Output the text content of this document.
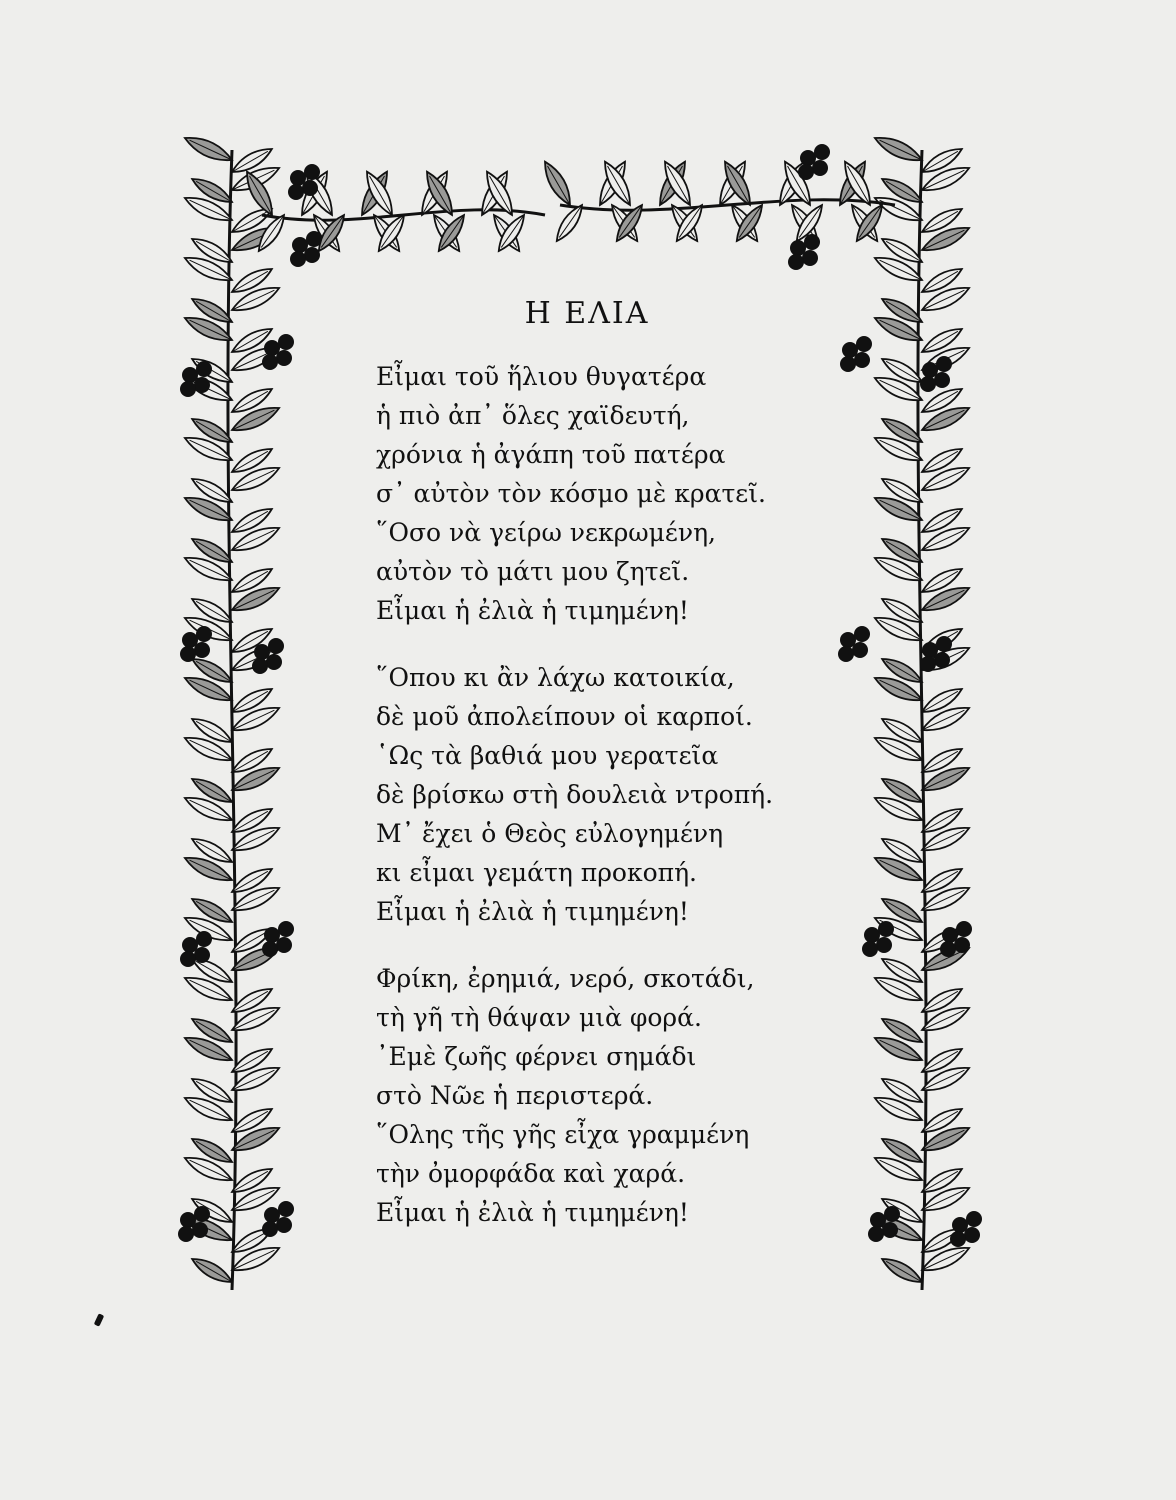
Η ΕΛΙΑ
Εἶμαι τοῦ ἥλιου θυγατέρα
ἡ πιὸ ἀπ᾽ ὅλες χαϊδευτή,
χρόνια ἡ ἀγάπη τοῦ πατέρα
σ᾽ αὐτὸν τὸν κόσμο μὲ κρατεῖ.
῞Οσο νὰ γείρω νεκρωμένη,
αὐτὸν τὸ μάτι μου ζητεῖ.
Εἶμαι ἡ ἐλιὰ ἡ τιμημένη!
῞Οπου κι ἂν λάχω κατοικία,
δὲ μοῦ ἀπολείπουν οἱ καρποί.
῾Ως τὰ βαθιά μου γερατεῖα
δὲ βρίσκω στὴ δουλειὰ ντροπή.
Μ᾽ ἔχει ὁ Θεὸς εὐλογημένη
κι εἶμαι γεμάτη προκοπή.
Εἶμαι ἡ ἐλιὰ ἡ τιμημένη!
Φρίκη, ἐρημιά, νερό, σκοτάδι,
τὴ γῆ τὴ θάψαν μιὰ φορά.
᾽Εμὲ ζωῆς φέρνει σημάδι
στὸ Νῶε ἡ περιστερά.
῞Ολης τῆς γῆς εἶχα γραμμένη
τὴν ὀμορφάδα καὶ χαρά.
Εἶμαι ἡ ἐλιὰ ἡ τιμημένη!
